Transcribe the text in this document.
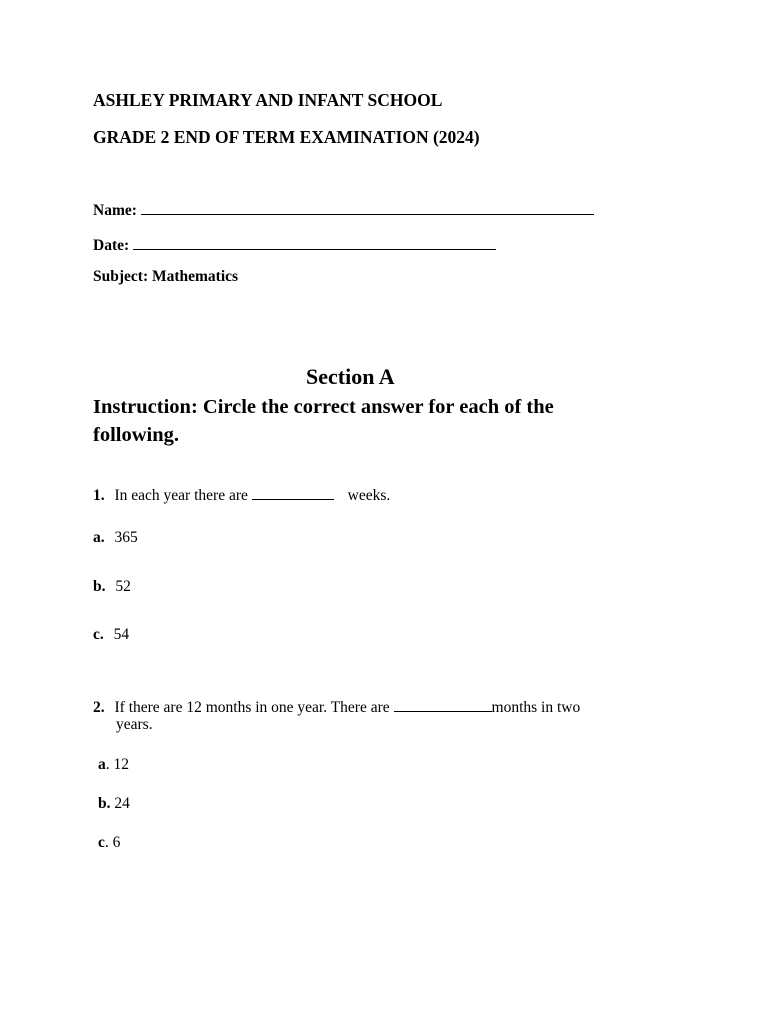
ASHLEY PRIMARY AND INFANT SCHOOL
GRADE 2 END OF TERM EXAMINATION (2024)
Name:
Date:
Subject: Mathematics
Section A
Instruction: Circle the correct answer for each of the following.
1. In each year there are	weeks.
a. 365
b. 52
c. 54
2. If there are 12 months in one year. There are	months in two
years.
a. 12
b. 24
c. 6
